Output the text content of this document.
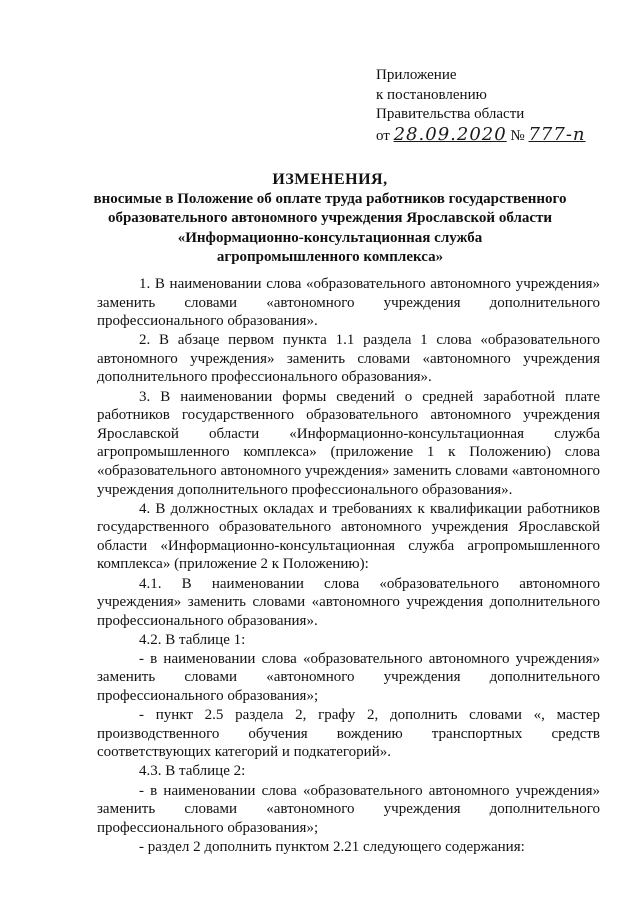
Приложение
к постановлению
Правительства области
от 28.09.2020 № 777-п
ИЗМЕНЕНИЯ,
вносимые в Положение об оплате труда работников государственного
образовательного автономного учреждения Ярославской области
«Информационно-консультационная служба
агропромышленного комплекса»

1. В наименовании слова «образовательного автономного учреждения» заменить словами «автономного учреждения дополнительного профессионального образования».

2. В абзаце первом пункта 1.1 раздела 1 слова «образовательного автономного учреждения» заменить словами «автономного учреждения дополнительного профессионального образования».

3. В наименовании формы сведений о средней заработной плате работников государственного образовательного автономного учреждения Ярославской области «Информационно-консультационная служба агропромышленного комплекса» (приложение 1 к Положению) слова «образовательного автономного учреждения» заменить словами «автономного учреждения дополнительного профессионального образования».

4. В должностных окладах и требованиях к квалификации работников государственного образовательного автономного учреждения Ярославской области «Информационно-консультационная служба агропромышленного комплекса» (приложение 2 к Положению):

4.1. В наименовании слова «образовательного автономного учреждения» заменить словами «автономного учреждения дополнительного профессионального образования».

4.2. В таблице 1:

- в наименовании слова «образовательного автономного учреждения» заменить словами «автономного учреждения дополнительного профессионального образования»;

- пункт 2.5 раздела 2, графу 2, дополнить словами «, мастер производственного обучения вождению транспортных средств соответствующих категорий и подкатегорий».

4.3. В таблице 2:

- в наименовании слова «образовательного автономного учреждения» заменить словами «автономного учреждения дополнительного профессионального образования»;

- раздел 2 дополнить пунктом 2.21 следующего содержания:
